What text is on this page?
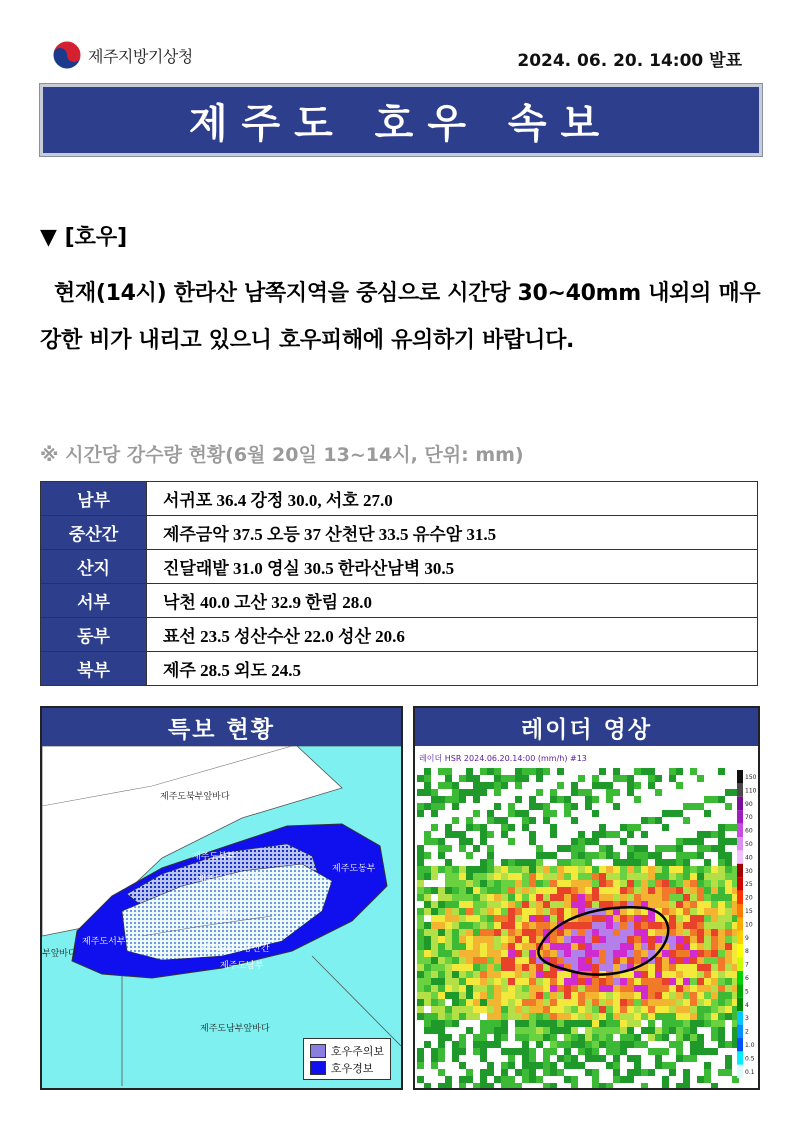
제주지방기상청	2024. 06. 20. 14:00 발표
제주도 호우 속보
▼ [호우]
현재(14시) 한라산 남쪽지역을 중심으로 시간당 30~40mm 내외의 매우 강한 비가 내리고 있으니 호우피해에 유의하기 바랍니다.
※ 시간당 강수량 현황(6월 20일 13~14시, 단위: mm)
남부	서귀포 36.4 강정 30.0, 서호 27.0
중산간	제주금악 37.5 오등 37 산천단 33.5 유수암 31.5
산지	진달래밭 31.0 영실 30.5 한라산남벽 30.5
서부	낙천 40.0 고산 32.9 한림 28.0
동부	표선 23.5 성산수산 22.0 성산 20.6
북부	제주 28.5 외도 24.5
특보 현황
제주도북부앞바다
제주도남부앞바다
부앞바다
제주도북부
제주도북부중산간
제주도산지
제주도동부
제주도서부
제주도남부중산간
제주도남부
호우주의보
호우경보
레이더 영상
레이더 HSR 2024.06.20.14:00 (mm/h) #13
150
110
90
70
60
50
40
30
25
20
15
10
9
8
7
6
5
4
3
2
1.0
0.5
0.1
